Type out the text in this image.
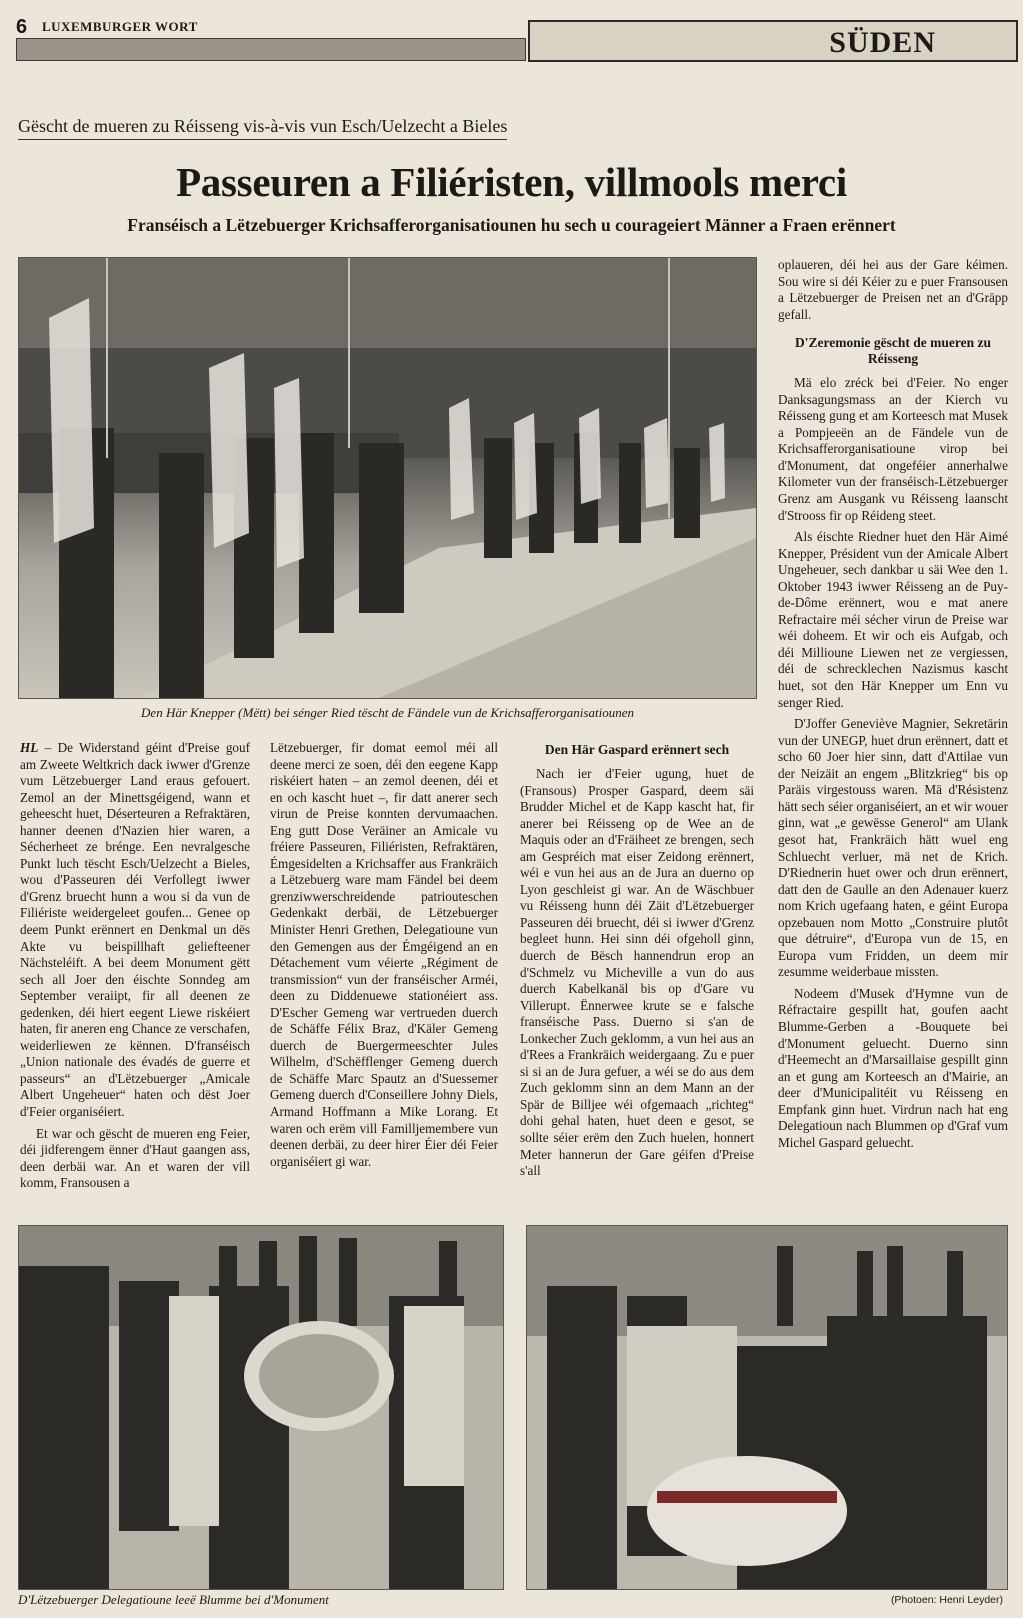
6 LUXEMBURGER WORT	SÜDEN
Gëscht de mueren zu Réisseng vis-à-vis vun Esch/Uelzecht a Bieles
Passeuren a Filiéristen, villmools merci
Franséisch a Lëtzebuerger Krichsafferorganisatiounen hu sech u courageiert Männer a Fraen erënnert
Den Här Knepper (Mëtt) bei sénger Ried tëscht de Fändele vun de Krichsafferorganisatiounen

HL – De Widerstand géint d'Preise gouf am Zweete Weltkrich dack iwwer d'Grenze vum Lëtzebuerger Land eraus gefouert. Zemol an der Minettsgéigend, wann et geheescht huet, Déserteuren a Refraktären, hanner deenen d'Nazien hier waren, a Sécherheet ze brénge. Een nevralgesche Punkt luch tëscht Esch/Uelzecht a Bieles, wou d'Passeuren déi Verfollegt iwwer d'Grenz bruecht hunn a wou si da vun de Filiériste weidergeleet goufen... Genee op deem Punkt erënnert en Denkmal un dës Akte vu beispillhaft geliefteener Nächsteléift. A bei deem Monument gëtt sech all Joer den éischte Sonndeg am September veraiipt, fir all deenen ze gedenken, déi hiert eegent Liewe riskéiert haten, fir aneren eng Chance ze verschafen, weiderliewen ze kënnen. D'franséisch „Union nationale des évadés de guerre et passeurs“ an d'Lëtzebuerger „Amicale Albert Ungeheuer“ haten och dëst Joer d'Feier organiséiert.

Et war och gëscht de mueren eng Feier, déi jidferengem ënner d'Haut gaangen ass, deen derbäi war. An et waren der vill komm, Fransousen a

Lëtzebuerger, fir domat eemol méi all deene merci ze soen, déi den eegene Kapp riskéiert haten – an zemol deenen, déi et en och kascht huet –, fir datt anerer sech virun de Preise konnten dervumaachen. Eng gutt Dose Veräiner an Amicale vu fréiere Passeuren, Filiéristen, Refraktären, Émgesidelten a Krichsaffer aus Frankräich a Lëtzebuerg ware mam Fändel bei deem grenziwwerschreidende patriouteschen Gedenkakt derbäi, de Lëtzebuerger Minister Henri Grethen, Delegatioune vun den Gemengen aus der Émgéigend an en Détachement vum véierte „Régiment de transmission“ vun der franséischer Arméi, deen zu Diddenuewe stationéiert ass. D'Escher Gemeng war vertrueden duerch de Schäffe Félix Braz, d'Käler Gemeng duerch de Buergermeeschter Jules Wilhelm, d'Schëfflenger Gemeng duerch de Schäffe Marc Spautz an d'Suessemer Gemeng duerch d'Conseillere Johny Diels, Armand Hoffmann a Mike Lorang. Et waren och erëm vill Familljemembere vun deenen derbäi, zu deer hirer Éier déi Feier organiséiert gi war.

Den Här Gaspard erënnert sech

Nach ier d'Feier ugung, huet de (Fransous) Prosper Gaspard, deem säi Brudder Michel et de Kapp kascht hat, fir anerer bei Réisseng op de Wee an de Maquis oder an d'Fräiheet ze brengen, sech am Gespréich mat eiser Zeidong erënnert, wéi e vun hei aus an de Jura an duerno op Lyon geschleist gi war. An de Wäschbuer vu Réisseng hunn déi Zäit d'Lëtzebuerger Passeuren déi bruecht, déi si iwwer d'Grenz begleet hunn. Hei sinn déi ofgeholl ginn, duerch de Bësch hannendrun erop an d'Schmelz vu Micheville a vun do aus duerch Kabelkanäl bis op d'Gare vu Villerupt. Ënnerwee krute se e falsche franséische Pass. Duerno si s'an de Lonkecher Zuch geklomm, a vun hei aus an d'Rees a Frankräich weidergaang. Zu e puer si si an de Jura gefuer, a wéi se do aus dem Zuch geklomm sinn an dem Mann an der Spär de Billjee wéi ofgemaach „richteg“ dohi gehal haten, huet deen e gesot, se sollte séier erëm den Zuch huelen, honnert Meter hannerun der Gare géifen d'Preise s'all

oplaueren, déi hei aus der Gare kéimen. Sou wire si déi Kéier zu e puer Fransousen a Lëtzebuerger de Preisen net an d'Gräpp gefall.

D'Zeremonie gëscht de mueren zu Réisseng

Mä elo zréck bei d'Feier. No enger Danksagungsmass an der Kierch vu Réisseng gung et am Korteesch mat Musek a Pompjeeën an de Fändele vun de Krichsafferorganisatioune virop bei d'Monument, dat ongeféier annerhalwe Kilometer vun der franséisch-Lëtzebuerger Grenz am Ausgank vu Réisseng laanscht d'Strooss fir op Réideng steet.

Als éischte Riedner huet den Här Aimé Knepper, Président vun der Amicale Albert Ungeheuer, sech dankbar u säi Wee den 1. Oktober 1943 iwwer Réisseng an de Puy-de-Dôme erënnert, wou e mat anere Refractaire méi sécher virun de Preise war wéi doheem. Et wir och eis Aufgab, och déi Millioune Liewen net ze vergiessen, déi de schrecklechen Nazismus kascht huet, sot den Här Knepper um Enn vu senger Ried.

D'Joffer Geneviève Magnier, Sekretärin vun der UNEGP, huet drun erënnert, datt et scho 60 Joer hier sinn, datt d'Attilae vun der Neizäit an engem „Blitzkrieg“ bis op Paräis virgestouss waren. Mä d'Résistenz hätt sech séier organiséiert, an et wir wouer ginn, wat „e gewësse Generol“ am Ulank gesot hat, Frankräich hätt wuel eng Schluecht verluer, mä net de Krich. D'Riednerin huet ower och drun erënnert, datt den de Gaulle an den Adenauer kuerz nom Krich ugefaang haten, e géint Europa opzebauen nom Motto „Construire plutôt que détruire“, d'Europa vun de 15, en Europa vum Fridden, un deem mir zesumme weiderbaue missten.

Nodeem d'Musek d'Hymne vun de Réfractaire gespillt hat, goufen aacht Blumme-Gerben a -Bouquete bei d'Monument geluecht. Duerno sinn d'Heemecht an d'Marsaillaise gespillt ginn an et gung am Korteesch an d'Mairie, an deer d'Municipalitéit vu Réisseng en Empfank ginn huet. Virdrun nach hat eng Delegatioun nach Blummen op d'Graf vum Michel Gaspard geluecht.

D'Lëtzebuerger Delegatioune leeë Blumme bei d'Monument	(Photoen: Henri Leyder)
